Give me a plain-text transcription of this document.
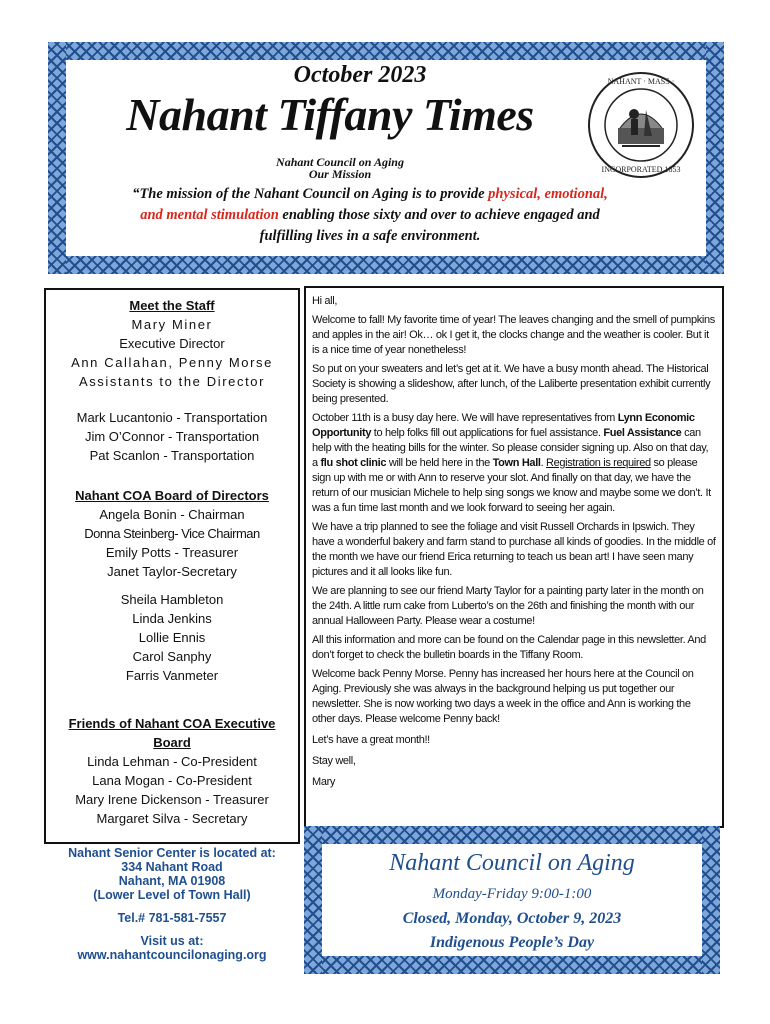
October 2023
Nahant Tiffany Times
Nahant Council on Aging
Our Mission
“The mission of the Nahant Council on Aging is to provide physical, emotional,
and mental stimulation enabling those sixty and over to achieve engaged and
fulfilling lives in a safe environment.
NAHANT · MASS ·
INCORPORATED 1853
Meet the Staff
Mary Miner
Executive Director
Ann Callahan, Penny Morse
Assistants to the Director
Mark Lucantonio - Transportation
Jim O’Connor - Transportation
Pat Scanlon - Transportation
Nahant COA Board of Directors
Angela Bonin - Chairman
Donna Steinberg- Vice Chairman
Emily Potts - Treasurer
Janet Taylor-Secretary
Sheila Hambleton
Linda Jenkins
Lollie Ennis
Carol Sanphy
Farris Vanmeter
Friends of Nahant COA Executive
Board
Linda Lehman - Co-President
Lana Mogan - Co-President
Mary Irene Dickenson - Treasurer
Margaret Silva - Secretary

Hi all,

Welcome to fall! My favorite time of year! The leaves changing and the smell of pumpkins and apples in the air! Ok… ok I get it, the clocks change and the weather is cooler. But it is a nice time of year nonetheless!

So put on your sweaters and let’s get at it. We have a busy month ahead. The Historical Society is showing a slideshow, after lunch, of the Laliberte presentation exhibit currently being presented.

October 11th is a busy day here. We will have representatives from Lynn Economic Opportunity to help folks fill out applications for fuel assistance. Fuel Assistance can help with the heating bills for the winter. So please consider signing up. Also on that day, a flu shot clinic will be held here in the Town Hall. Registration is required so please sign up with me or with Ann to reserve your slot. And finally on that day, we have the return of our musician Michele to help sing songs we know and maybe some we don’t. It was a fun time last month and we look forward to seeing her again.

We have a trip planned to see the foliage and visit Russell Orchards in Ipswich. They have a wonderful bakery and farm stand to purchase all kinds of goodies. In the middle of the month we have our friend Erica returning to teach us bean art! I have seen many pictures and it all looks like fun.

We are planning to see our friend Marty Taylor for a painting party later in the month on the 24th. A little rum cake from Luberto’s on the 26th and finishing the month with our annual Halloween Party. Please wear a costume!

All this information and more can be found on the Calendar page in this newsletter. And don’t forget to check the bulletin boards in the Tiffany Room.

Welcome back Penny Morse. Penny has increased her hours here at the Council on Aging. Previously she was always in the background helping us put together our newsletter. She is now working two days a week in the office and Ann is working the other days. Please welcome Penny back!

Let’s have a great month!!

Stay well,

Mary

Nahant Senior Center is located at:
334 Nahant Road
Nahant, MA 01908
(Lower Level of Town Hall)
Tel.# 781-581-7557
Visit us at:
www.nahantcouncilonaging.org
Nahant Council on Aging
Monday-Friday 9:00-1:00
Closed, Monday, October 9, 2023
Indigenous People’s Day
